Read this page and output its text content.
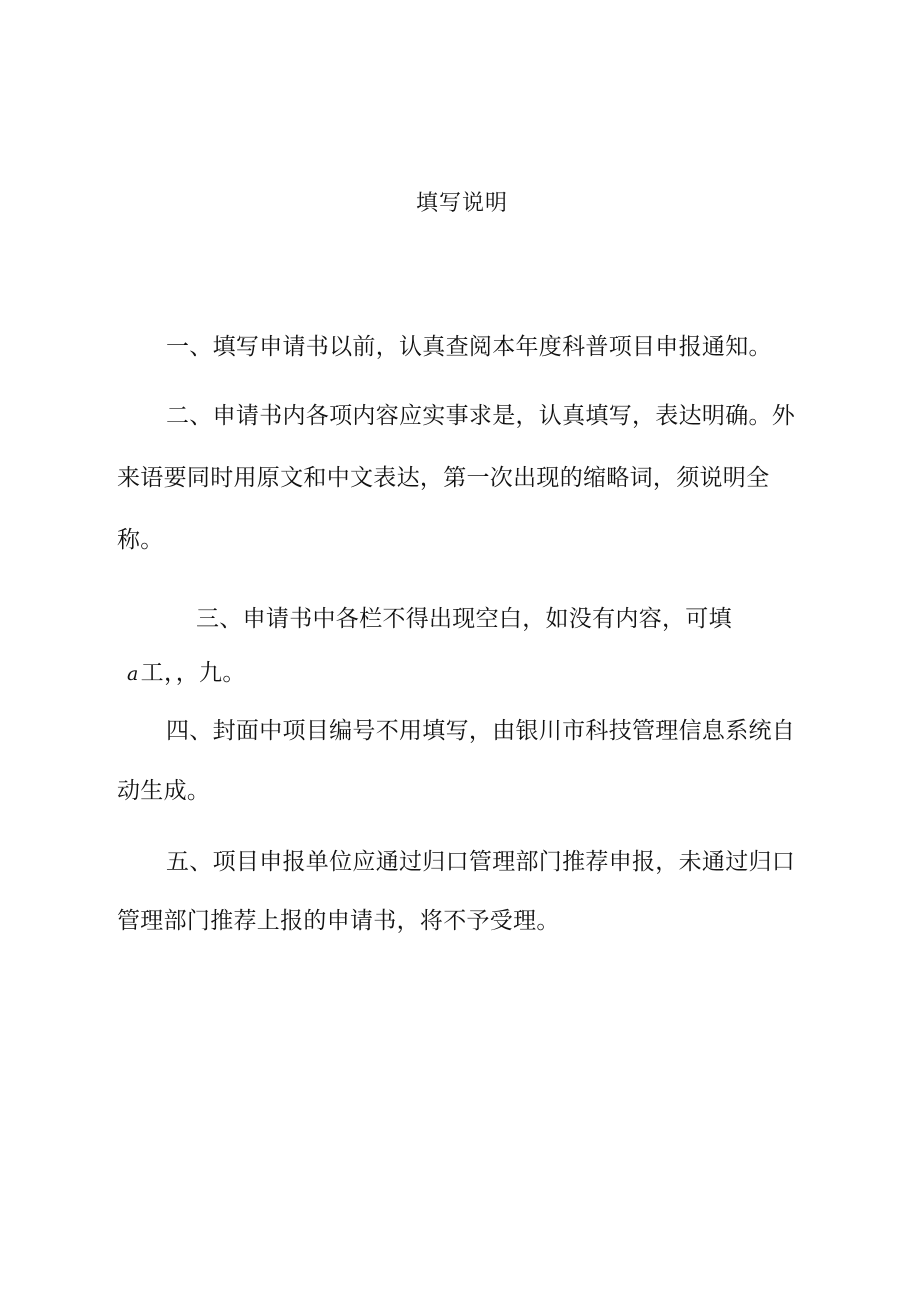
填写说明
一、填写申请书以前，认真查阅本年度科普项目申报通知。
二、申请书内各项内容应实事求是，认真填写，表达明确。外
来语要同时用原文和中文表达，第一次出现的缩略词，须说明全
称。
三、申请书中各栏不得出现空白，如没有内容，可填
a工，，九。
四、封面中项目编号不用填写，由银川市科技管理信息系统自
动生成。
五、项目申报单位应通过归口管理部门推荐申报，未通过归口
管理部门推荐上报的申请书，将不予受理。
